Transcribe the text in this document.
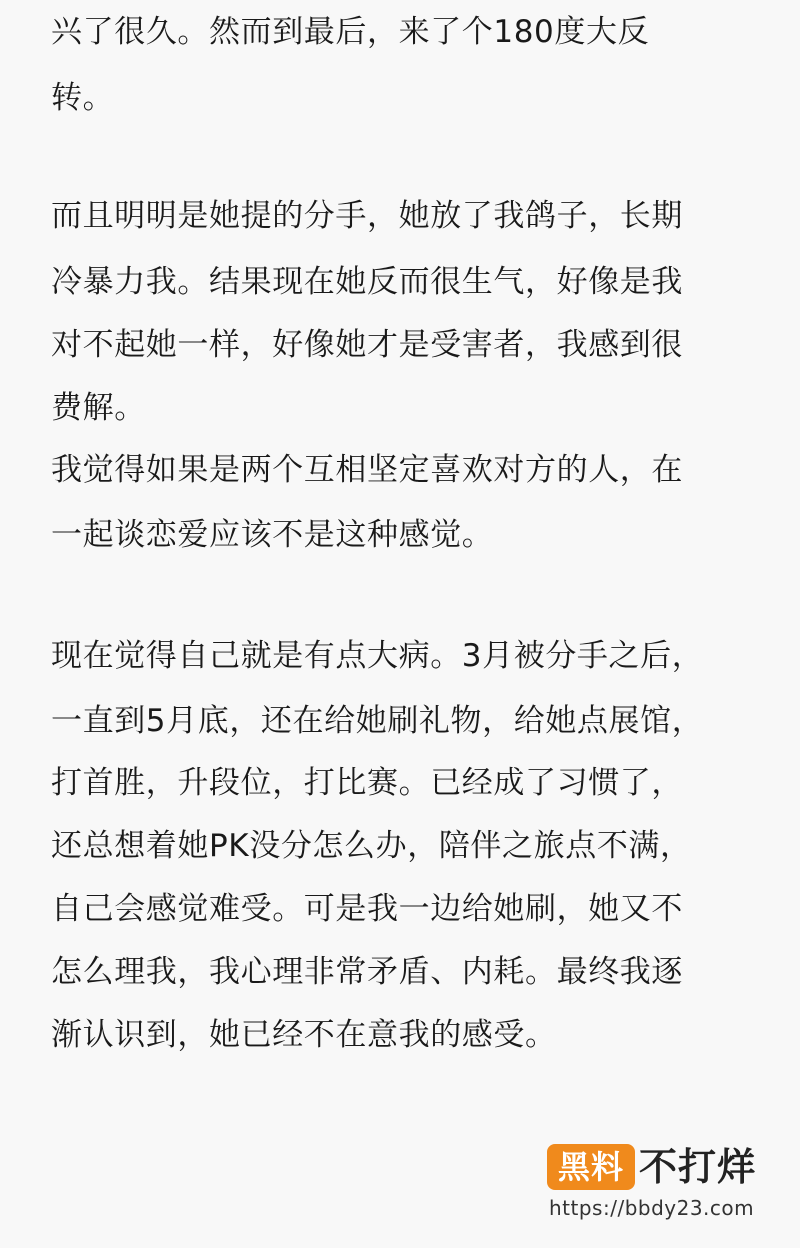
兴了很久。然而到最后，来了个180度大反
转。
而且明明是她提的分手，她放了我鸽子，长期
冷暴力我。结果现在她反而很生气，好像是我
对不起她一样，好像她才是受害者，我感到很
费解。
我觉得如果是两个互相坚定喜欢对方的人，在
一起谈恋爱应该不是这种感觉。
现在觉得自己就是有点大病。3月被分手之后，
一直到5月底，还在给她刷礼物，给她点展馆，
打首胜，升段位，打比赛。已经成了习惯了，
还总想着她PK没分怎么办，陪伴之旅点不满，
自己会感觉难受。可是我一边给她刷，她又不
怎么理我，我心理非常矛盾、内耗。最终我逐
渐认识到，她已经不在意我的感受。
黑料 不打烊
https://bbdy23.com
